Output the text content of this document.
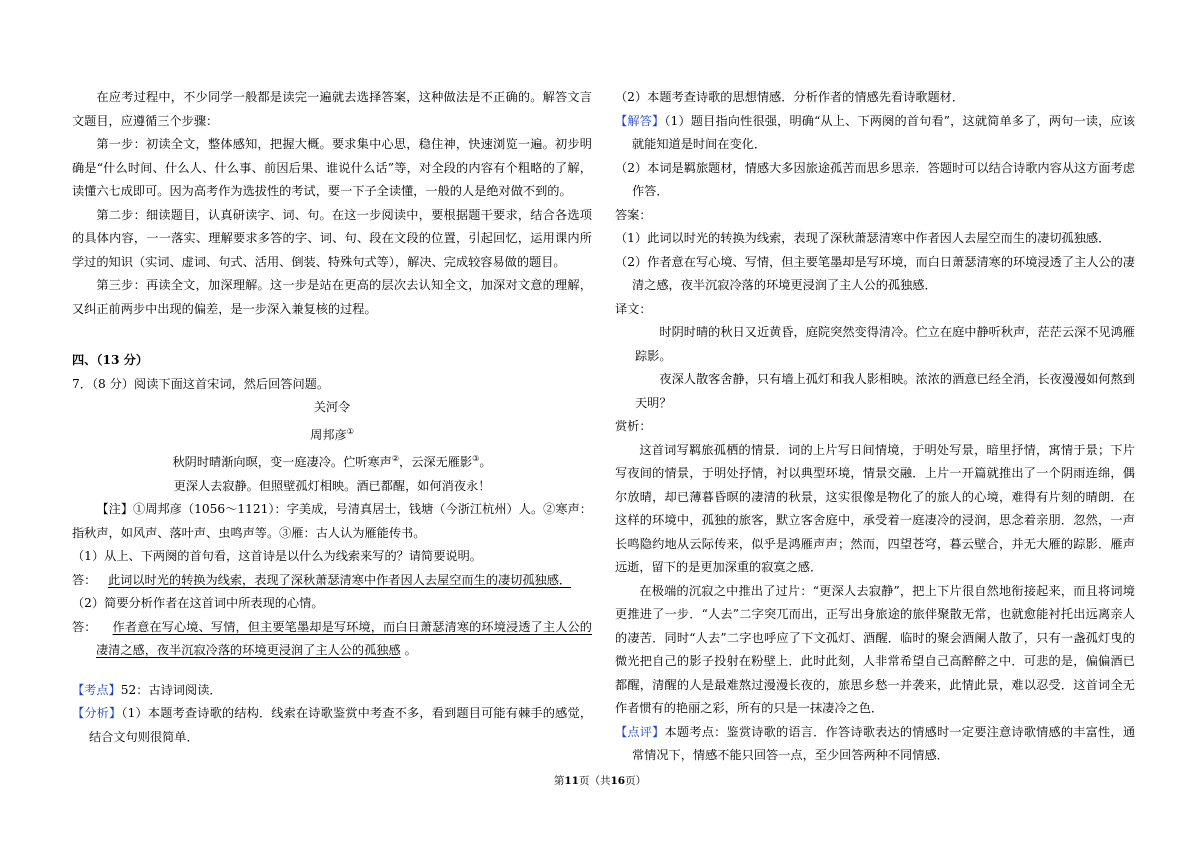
在应考过程中，不少同学一般都是读完一遍就去选择答案，这种做法是不正确的。解答文言文题目，应遵循三个步骤：

第一步：初读全文，整体感知，把握大概。要求集中心思，稳住神，快速浏览一遍。初步明确是“什么时间、什么人、什么事、前因后果、谁说什么话”等，对全段的内容有个粗略的了解，读懂六七成即可。因为高考作为选拔性的考试，要一下子全读懂，一般的人是绝对做不到的。

第二步：细读题目，认真研读字、词、句。在这一步阅读中，要根据题干要求，结合各选项的具体内容，一一落实、理解要求多答的字、词、句、段在文段的位置，引起回忆，运用课内所学过的知识（实词、虚词、句式、活用、倒装、特殊句式等），解决、完成较容易做的题目。

第三步：再读全文，加深理解。这一步是站在更高的层次去认知全文，加深对文意的理解，又纠正前两步中出现的偏差，是一步深入兼复核的过程。

四、（13 分）

7．（8 分）阅读下面这首宋词，然后回答问题。

关河令

周邦彦①

秋阴时晴渐向暝，变一庭凄冷。伫听寒声②，云深无雁影③。

更深人去寂静。但照壁孤灯相映。酒已都醒，如何消夜永！

【注】①周邦彦（1056～1121）：字美成，号清真居士，钱塘（今浙江杭州）人。②寒声：指秋声，如风声、落叶声、虫鸣声等。③雁：古人认为雁能传书。

（1）从上、下两阕的首句看，这首诗是以什么为线索来写的？请简要说明。

答： 此词以时光的转换为线索，表现了深秋萧瑟清寒中作者因人去屋空而生的凄切孤独感．

（2）简要分析作者在这首词中所表现的心情。

答： 作者意在写心境、写情，但主要笔墨却是写环境，而白日萧瑟清寒的环境浸透了主人公的凄清之感，夜半沉寂冷落的环境更浸润了主人公的孤独感 。

【考点】52：古诗词阅读．

【分析】（1）本题考查诗歌的结构．线索在诗歌鉴赏中考查不多，看到题目可能有棘手的感觉，结合文句则很简单．

（2）本题考查诗歌的思想情感．分析作者的情感先看诗歌题材．

【解答】（1）题目指向性很强，明确“从上、下两阕的首句看”，这就简单多了，两句一读，应该就能知道是时间在变化．

（2）本词是羁旅题材，情感大多因旅途孤苦而思乡思亲．答题时可以结合诗歌内容从这方面考虑作答．

答案：

（1）此词以时光的转换为线索，表现了深秋萧瑟清寒中作者因人去屋空而生的凄切孤独感．

（2）作者意在写心境、写情，但主要笔墨却是写环境，而白日萧瑟清寒的环境浸透了主人公的凄清之感，夜半沉寂冷落的环境更浸润了主人公的孤独感．

译文：

时阴时晴的秋日又近黄昏，庭院突然变得清冷。伫立在庭中静听秋声，茫茫云深不见鸿雁踪影。

夜深人散客舍静，只有墙上孤灯和我人影相映。浓浓的酒意已经全消，长夜漫漫如何熬到天明？

赏析：

这首词写羁旅孤栖的情景．词的上片写日间情境，于明处写景，暗里抒情，寓情于景；下片写夜间的情景，于明处抒情，衬以典型环境，情景交融．上片一开篇就推出了一个阴雨连绵，偶尔放晴，却已薄暮昏暝的凄清的秋景，这实很像是物化了的旅人的心境，难得有片刻的晴朗．在这样的环境中，孤独的旅客，默立客舍庭中，承受着一庭凄冷的浸润，思念着亲朋．忽然，一声长鸣隐约地从云际传来，似乎是鸿雁声声；然而，四望苍穹，暮云壁合，并无大雁的踪影．雁声远逝，留下的是更加深重的寂寞之感．

在极端的沉寂之中推出了过片：“更深人去寂静”，把上下片很自然地衔接起来，而且将词境更推进了一步．“人去”二字突兀而出，正写出身旅途的旅伴聚散无常，也就愈能衬托出远离亲人的凄苦．同时“人去”二字也呼应了下文孤灯、酒醒．临时的聚会酒阑人散了，只有一盏孤灯曳的微光把自己的影子投射在粉壁上．此时此刻，人非常希望自己高醉醉之中．可悲的是，偏偏酒已都醒，清醒的人是最难熬过漫漫长夜的，旅思乡愁一并袭来，此情此景，难以忍受．这首词全无作者惯有的艳丽之彩，所有的只是一抹凄冷之色．

【点评】本题考点：鉴赏诗歌的语言．作答诗歌表达的情感时一定要注意诗歌情感的丰富性，通常情况下，情感不能只回答一点，至少回答两种不同情感．

第11页（共16页）
